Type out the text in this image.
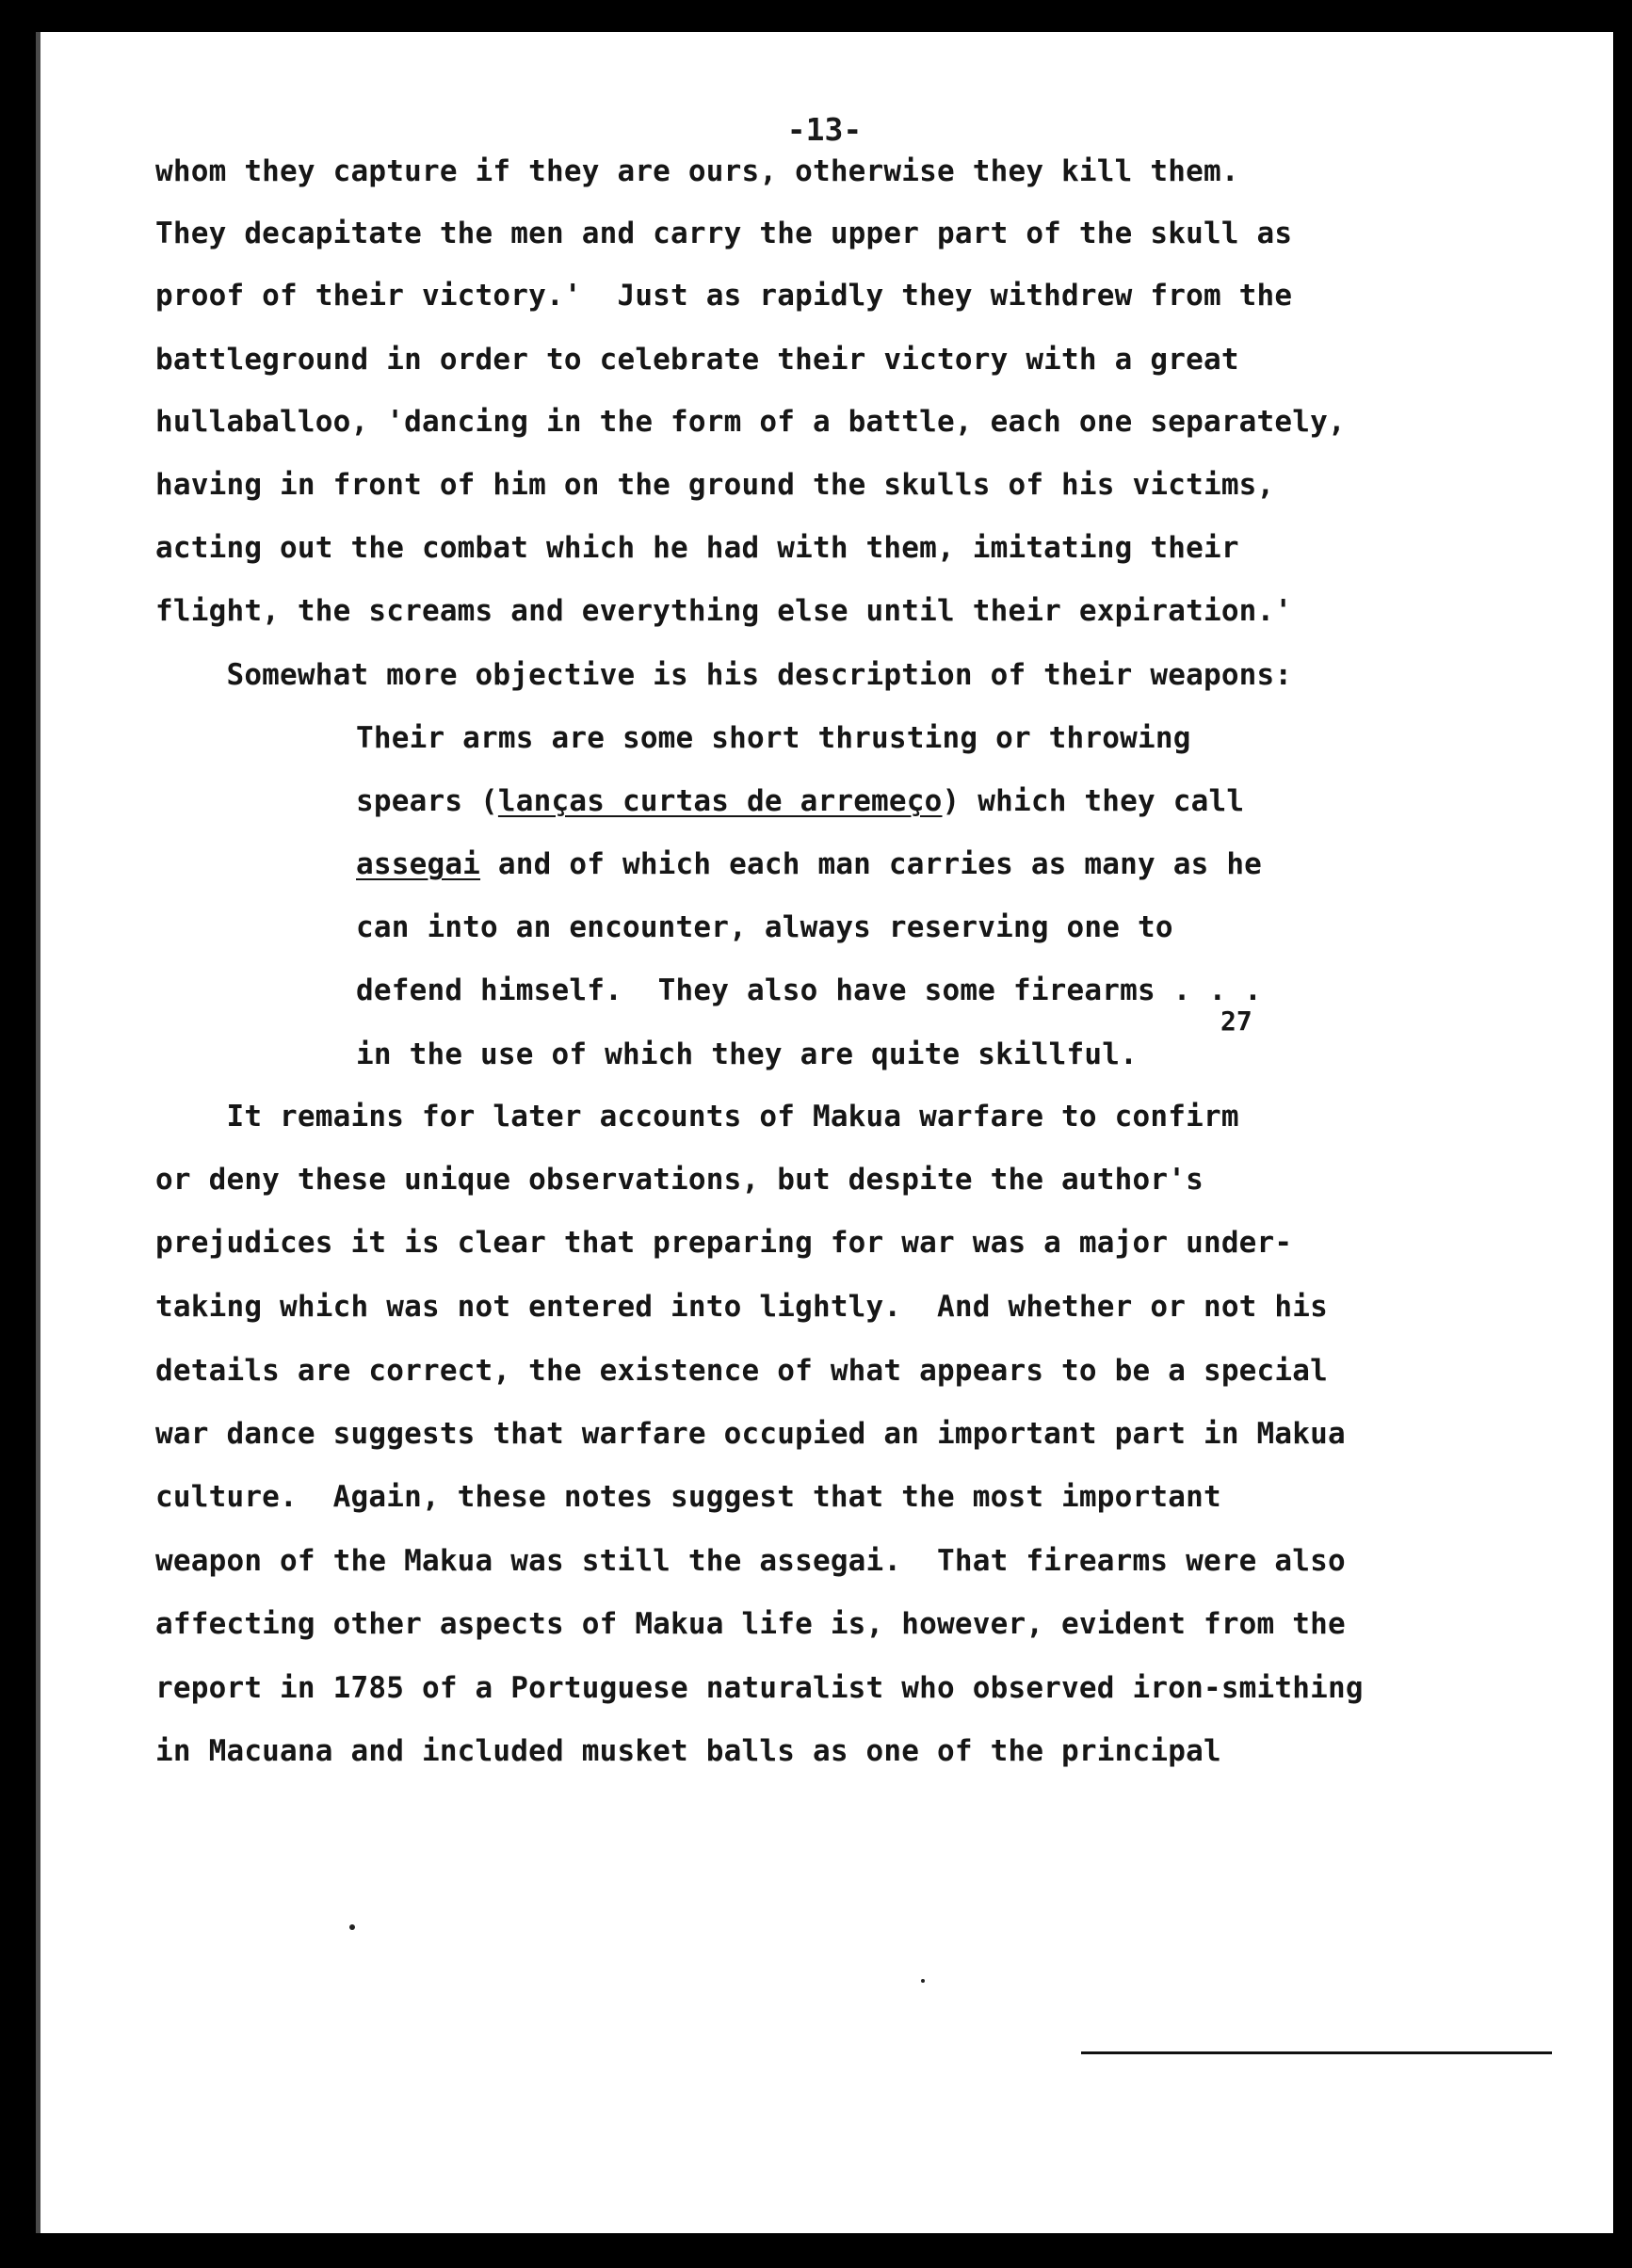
-13-
whom they capture if they are ours, otherwise they kill them.
They decapitate the men and carry the upper part of the skull as
proof of their victory.'  Just as rapidly they withdrew from the
battleground in order to celebrate their victory with a great
hullaballoo, 'dancing in the form of a battle, each one separately,
having in front of him on the ground the skulls of his victims,
acting out the combat which he had with them, imitating their
flight, the screams and everything else until their expiration.'
Somewhat more objective is his description of their weapons:
Their arms are some short thrusting or throwing
spears (lanças curtas de arremeço) which they call
assegai and of which each man carries as many as he
can into an encounter, always reserving one to
defend himself.  They also have some firearms . . .
in the use of which they are quite skillful.
27
It remains for later accounts of Makua warfare to confirm
or deny these unique observations, but despite the author's
prejudices it is clear that preparing for war was a major under-
taking which was not entered into lightly.  And whether or not his
details are correct, the existence of what appears to be a special
war dance suggests that warfare occupied an important part in Makua
culture.  Again, these notes suggest that the most important
weapon of the Makua was still the assegai.  That firearms were also
affecting other aspects of Makua life is, however, evident from the
report in 1785 of a Portuguese naturalist who observed iron-smithing
in Macuana and included musket balls as one of the principal
